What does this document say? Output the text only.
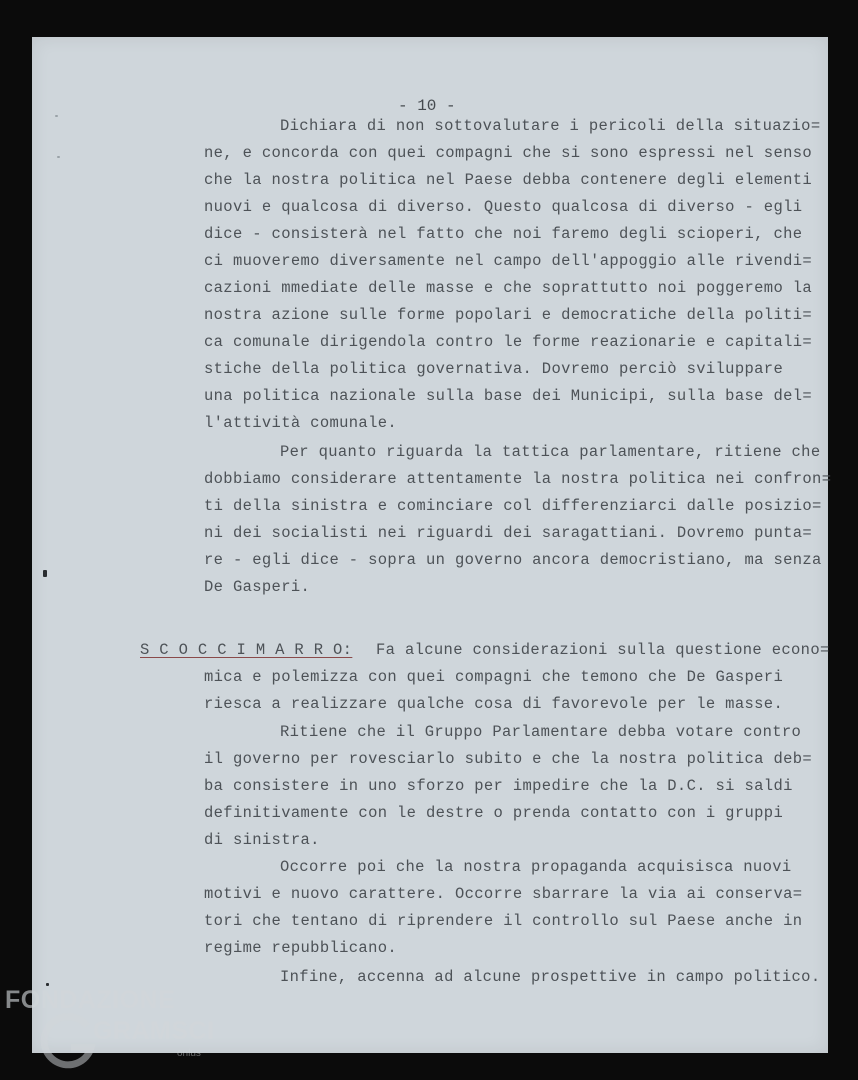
- 10 -
Dichiara di non sottovalutare i pericoli della situazio=
ne, e concorda con quei compagni che si sono espressi nel senso
che la nostra politica nel Paese debba contenere degli elementi
nuovi e qualcosa di diverso. Questo qualcosa di diverso - egli
dice - consisterà nel fatto che noi faremo degli scioperi, che
ci muoveremo diversamente nel campo dell'appoggio alle rivendi=
cazioni mmediate delle masse e che soprattutto noi poggeremo la
nostra azione sulle forme popolari e democratiche della politi=
ca comunale dirigendola contro le forme reazionarie e capitali=
stiche della politica governativa. Dovremo perciò sviluppare
una politica nazionale sulla base dei Municipi, sulla base del=
l'attività comunale.
Per quanto riguarda la tattica parlamentare, ritiene che
dobbiamo considerare attentamente la nostra politica nei confron=
ti della sinistra e cominciare col differenziarci dalle posizio=
ni dei socialisti nei riguardi dei saragattiani. Dovremo punta=
re - egli dice - sopra un governo ancora democristiano, ma senza
De Gasperi.
S C O C C I M A R R O: Fa alcune considerazioni sulla questione econo=
mica e polemizza con quei compagni che temono che De Gasperi
riesca a realizzare qualche cosa di favorevole per le masse.
Ritiene che il Gruppo Parlamentare debba votare contro
il governo per rovesciarlo subito e che la nostra politica deb=
ba consistere in uno sforzo per impedire che la D.C. si saldi
definitivamente con le destre o prenda contatto con i gruppi
di sinistra.
Occorre poi che la nostra propaganda acquisisca nuovi
motivi e nuovo carattere. Occorre sbarrare la via ai conserva=
tori che tentano di riprendere il controllo sul Paese anche in
regime repubblicano.
Infine, accenna ad alcune prospettive in campo politico.
FONDAZIONE
GRAMSCI
onlus
